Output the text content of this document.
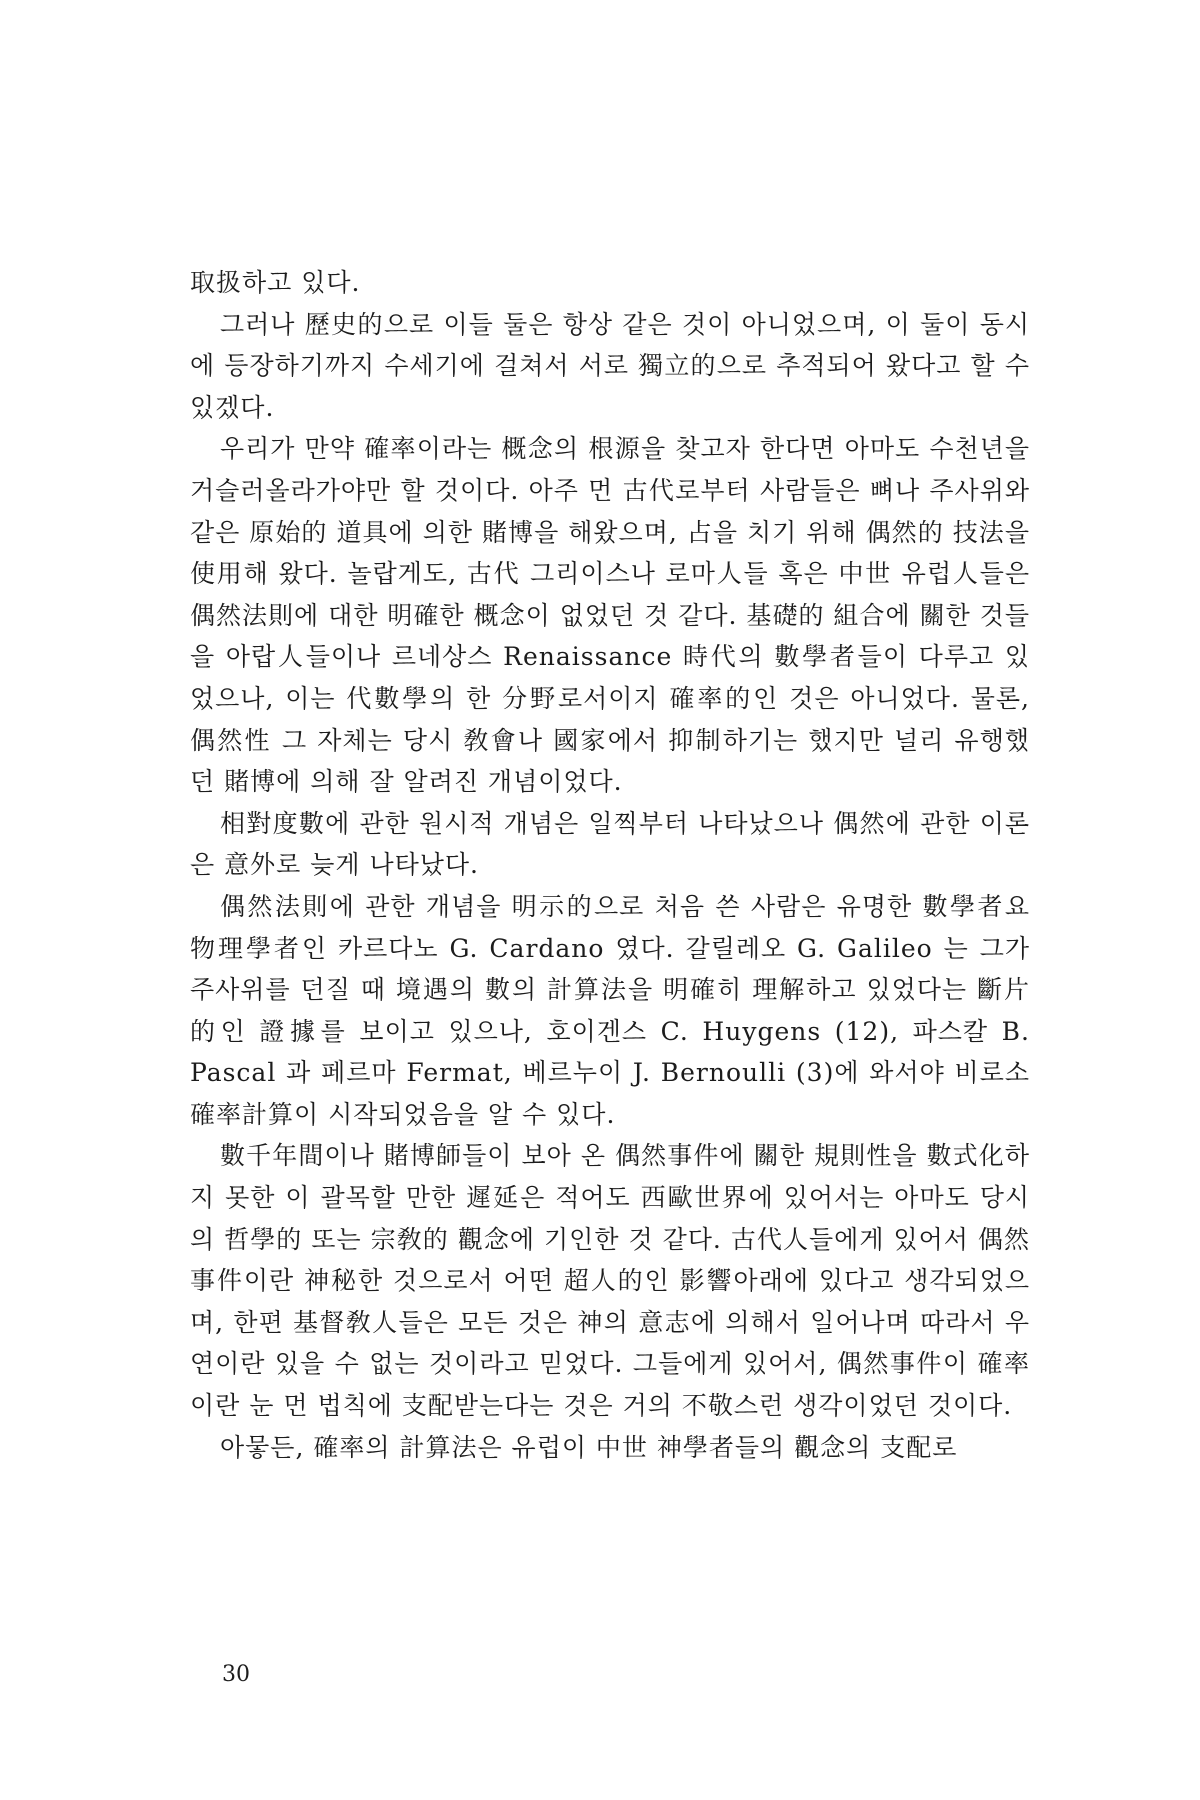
取扱하고 있다.

그러나 歷史的으로 이들 둘은 항상 같은 것이 아니었으며, 이 둘이 동시에 등장하기까지 수세기에 걸쳐서 서로 獨立的으로 추적되어 왔다고 할 수 있겠다.

우리가 만약 確率이라는 概念의 根源을 찾고자 한다면 아마도 수천년을 거슬러올라가야만 할 것이다. 아주 먼 古代로부터 사람들은 뼈나 주사위와 같은 原始的 道具에 의한 賭博을 해왔으며, 占을 치기 위해 偶然的 技法을 使用해 왔다. 놀랍게도, 古代 그리이스나 로마人들 혹은 中世 유럽人들은 偶然法則에 대한 明確한 概念이 없었던 것 같다. 基礎的 組合에 關한 것들을 아랍人들이나 르네상스 Renaissance 時代의 數學者들이 다루고 있었으나, 이는 代數學의 한 分野로서이지 確率的인 것은 아니었다. 물론, 偶然性 그 자체는 당시 敎會나 國家에서 抑制하기는 했지만 널리 유행했던 賭博에 의해 잘 알려진 개념이었다.

相對度數에 관한 원시적 개념은 일찍부터 나타났으나 偶然에 관한 이론은 意外로 늦게 나타났다.

偶然法則에 관한 개념을 明示的으로 처음 쓴 사람은 유명한 數學者요 物理學者인 카르다노 G. Cardano 였다. 갈릴레오 G. Galileo 는 그가 주사위를 던질 때 境遇의 數의 計算法을 明確히 理解하고 있었다는 斷片的인 證據를 보이고 있으나, 호이겐스 C. Huygens (12), 파스칼 B. Pascal 과 페르마 Fermat, 베르누이 J. Bernoulli (3)에 와서야 비로소 確率計算이 시작되었음을 알 수 있다.

數千年間이나 賭博師들이 보아 온 偶然事件에 關한 規則性을 數式化하지 못한 이 괄목할 만한 遲延은 적어도 西歐世界에 있어서는 아마도 당시의 哲學的 또는 宗敎的 觀念에 기인한 것 같다. 古代人들에게 있어서 偶然事件이란 神秘한 것으로서 어떤 超人的인 影響아래에 있다고 생각되었으며, 한편 基督敎人들은 모든 것은 神의 意志에 의해서 일어나며 따라서 우연이란 있을 수 없는 것이라고 믿었다. 그들에게 있어서, 偶然事件이 確率이란 눈 먼 법칙에 支配받는다는 것은 거의 不敬스런 생각이었던 것이다.

아뭏든, 確率의 計算法은 유럽이 中世 神學者들의 觀念의 支配로

30
